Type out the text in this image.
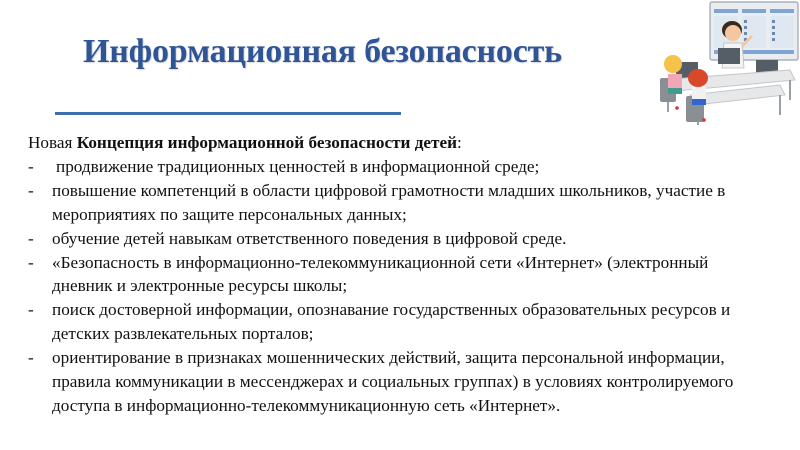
Информационная безопасность
Новая Концепция информационной безопасности детей:
- продвижение традиционных ценностей в информационной среде;
- повышение компетенций в области цифровой грамотности младших школьников, участие в мероприятиях по защите персональных данных;
- обучение детей навыкам ответственного поведения в цифровой среде.
- «Безопасность в информационно-телекоммуникационной сети «Интернет» (электронный дневник и электронные ресурсы школы;
- поиск достоверной информации, опознавание государственных образовательных ресурсов и детских развлекательных порталов;
- ориентирование в признаках мошеннических действий, защита персональной информации, правила коммуникации в мессенджерах и социальных группах) в условиях контролируемого доступа в информационно-телекоммуникационную сеть «Интернет».
